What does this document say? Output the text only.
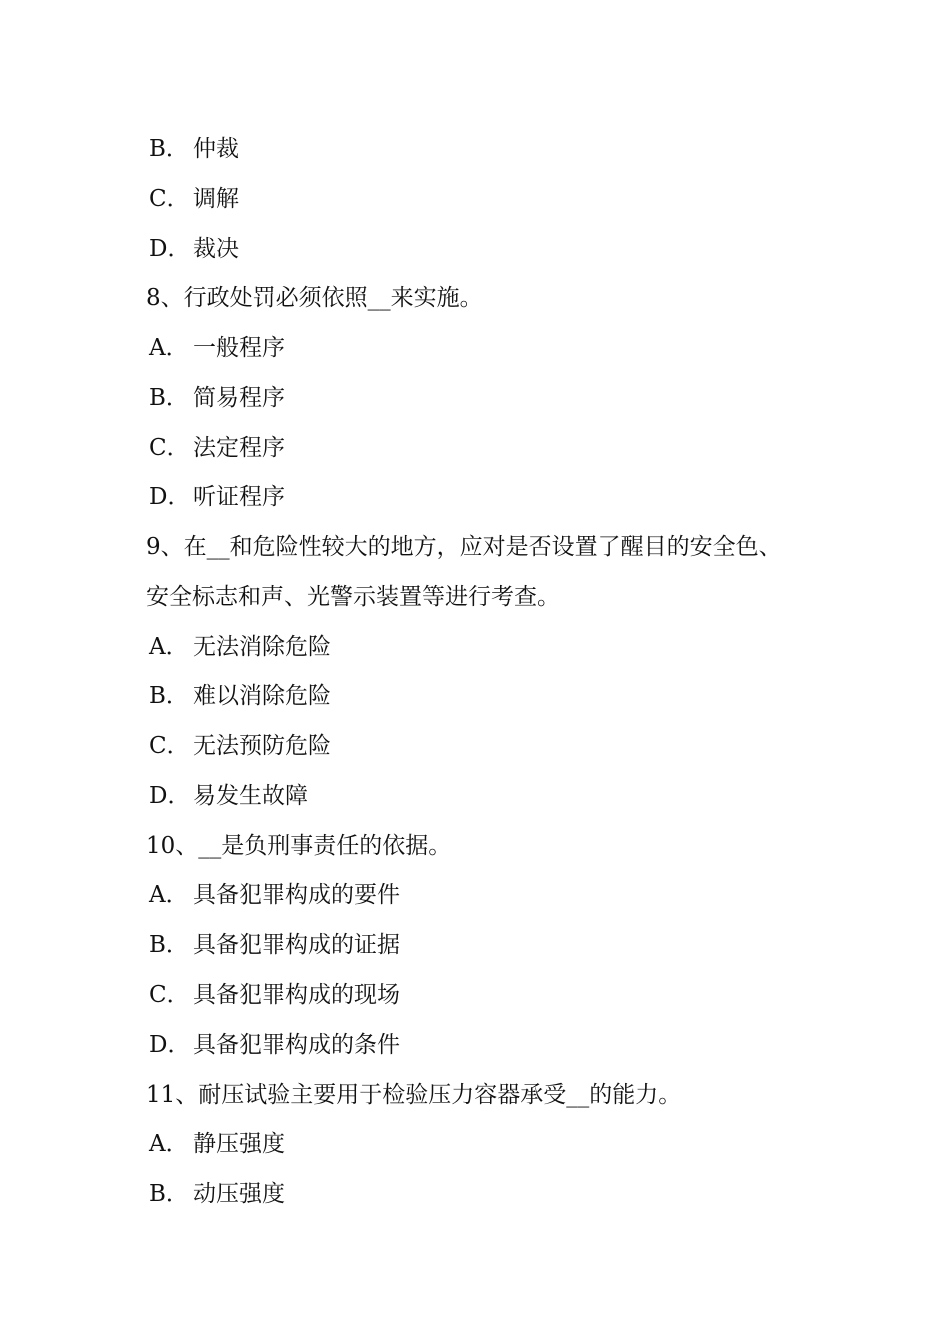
B． 仲裁
C． 调解
D． 裁决
8、行政处罚必须依照__来实施。
A． 一般程序
B． 简易程序
C． 法定程序
D． 听证程序
9、在__和危险性较大的地方，应对是否设置了醒目的安全色、
安全标志和声、光警示装置等进行考查。
A． 无法消除危险
B． 难以消除危险
C． 无法预防危险
D． 易发生故障
10、__是负刑事责任的依据。
A． 具备犯罪构成的要件
B． 具备犯罪构成的证据
C． 具备犯罪构成的现场
D． 具备犯罪构成的条件
11、耐压试验主要用于检验压力容器承受__的能力。
A． 静压强度
B． 动压强度
